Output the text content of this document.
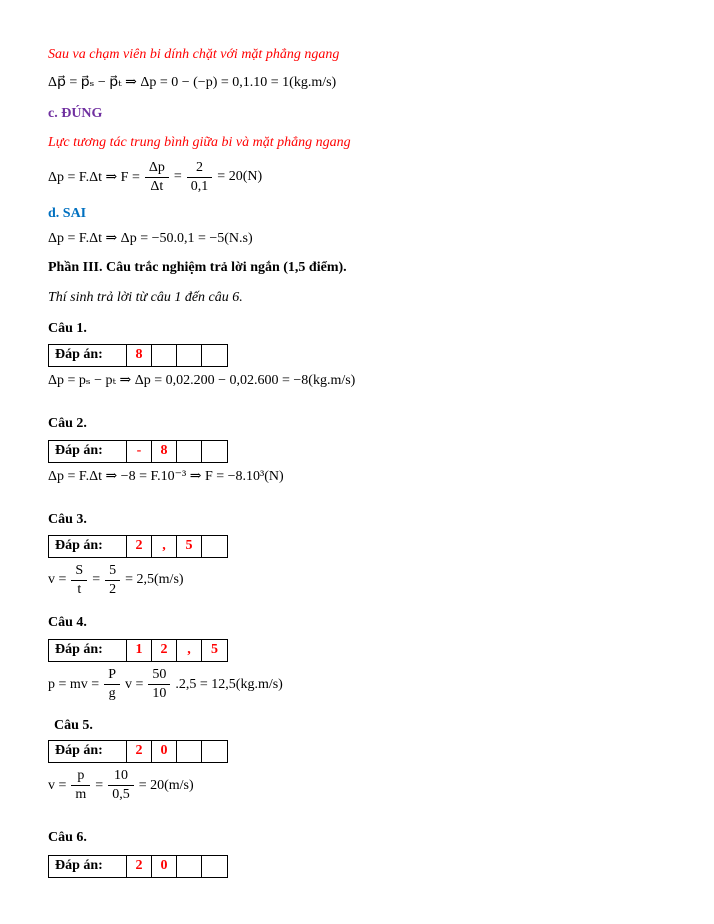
Sau va chạm viên bi dính chặt với mặt phẳng ngang

Δp⃗ = p⃗ₛ − p⃗ₜ ⇒ Δp = 0 − (−p) = 0,1.10 = 1(kg.m/s)

c. ĐÚNG

Lực tương tác trung bình giữa bi và mặt phẳng ngang

Δp = F.Δt ⇒ $F = \frac{\Delta p}{\Delta t} = \frac{2}{0,1} = 20(N)$

d. SAI

Δp = F.Δt ⇒ Δp = −50.0,1 = −5(N.s)

Phần III. Câu trắc nghiệm trả lời ngắn (1,5 điểm).

Thí sinh trả lời từ câu 1 đến câu 6.

Câu 1.

Đáp án:	8
Δp = pₛ − pₜ ⇒ Δp = 0,02.200 − 0,02.600 = −8(kg.m/s)

Câu 2.

Đáp án:	-	8
Δp = F.Δt ⇒ −8 = F.10⁻³ ⇒ F = −8.10³(N)

Câu 3.

Đáp án:	2	,	5
$v = \frac{S}{t} = \frac{5}{2} = 2,5(m/s)$

Câu 4.

Đáp án:	1	2	,	5
p = mv = $\frac{P}{g}$ $v = \frac{50}{10} .2,5 = 12,5(kg.m/s)$

Câu 5.

Đáp án:	2	0
$v = \frac{p}{m} = \frac{10}{0,5} = 20(m/s)$

Câu 6.

Đáp án:	2	0
